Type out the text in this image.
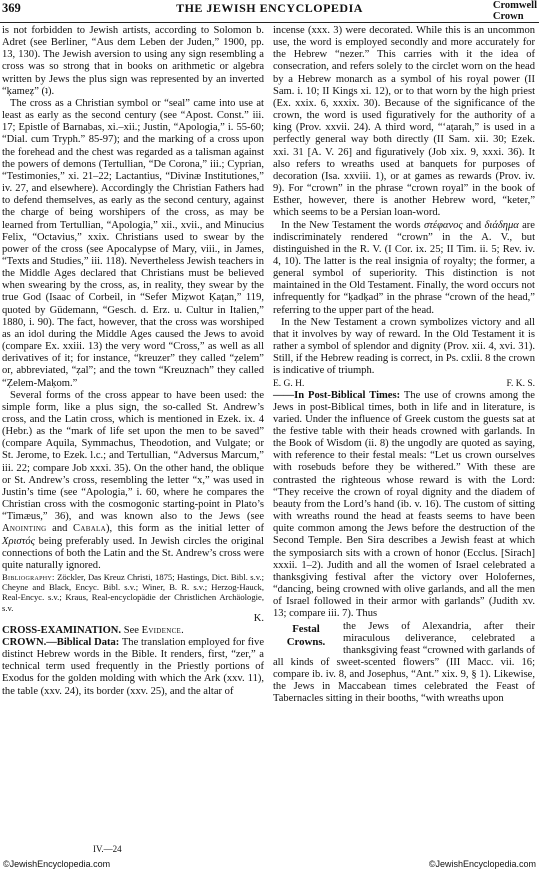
369	THE JEWISH ENCYCLOPEDIA	Cromwell
Crown

is not forbidden to Jewish artists, according to Solomon b. Adret (see Berliner, “Aus dem Leben der Juden,” 1900, pp. 13, 130). The Jewish aversion to using any sign resembling a cross was so strong that in books on arithmetic or algebra written by Jews the plus sign was represented by an inverted “ḳameẓ” (ʇ).

The cross as a Christian symbol or “seal” came into use at least as early as the second century (see “Apost. Const.” iii. 17; Epistle of Barnabas, xi.–xii.; Justin, “Apologia,” i. 55-60; “Dial. cum Tryph.” 85-97); and the marking of a cross upon the forehead and the chest was regarded as a talisman against the powers of demons (Tertullian, “De Corona,” iii.; Cyprian, “Testimonies,” xi. 21–22; Lactantius, “Divinæ Institutiones,” iv. 27, and elsewhere). Accordingly the Christian Fathers had to defend themselves, as early as the second century, against the charge of being worshipers of the cross, as may be learned from Tertullian, “Apologia,” xii., xvii., and Minucius Felix, “Octavius,” xxix. Christians used to swear by the power of the cross (see Apocalypse of Mary, viii., in James, “Texts and Studies,” iii. 118). Nevertheless Jewish teachers in the Middle Ages declared that Christians must be believed when swearing by the cross, as, in reality, they swear by the true God (Isaac of Corbeil, in “Sefer Miẓwot Ḳaṭan,” 119, quoted by Güdemann, “Gesch. d. Erz. u. Cultur in Italien,” 1880, i. 90). The fact, however, that the cross was worshiped as an idol during the Middle Ages caused the Jews to avoid (compare Ex. xxiii. 13) the very word “Cross,” as well as all derivatives of it; for instance, “kreuzer” they called “ẓelem” or, abbreviated, “ẓal”; and the town “Kreuznach” they called “Ẓelem-Maḳom.”

Several forms of the cross appear to have been used: the simple form, like a plus sign, the so-called St. Andrew’s cross, and the Latin cross, which is mentioned in Ezek. ix. 4 (Hebr.) as the “mark of life set upon the men to be saved” (compare Aquila, Symmachus, Theodotion, and Vulgate; or St. Jerome, to Ezek. l.c.; and Tertullian, “Adversus Marcum,” iii. 22; compare Job xxxi. 35). On the other hand, the oblique or St. Andrew’s cross, resembling the letter “x,” was used in Justin’s time (see “Apologia,” i. 60, where he compares the Christian cross with the cosmogonic starting-point in Plato’s “Timæus,” 36), and was known also to the Jews (see Anointing and Cabala), this form as the initial letter of Χριστός being preferably used. In Jewish circles the original connections of both the Latin and the St. Andrew’s cross were quite naturally ignored.

Bibliography: Zöckler, Das Kreuz Christi, 1875; Hastings, Dict. Bibl. s.v.; Cheyne and Black, Encyc. Bibl. s.v.; Winer, B. R. s.v.; Herzog-Hauck, Real-Encyc. s.v.; Kraus, Real-encyclopädie der Christlichen Archäologie, s.v.

K.

CROSS-EXAMINATION. See Evidence.

CROWN.—Biblical Data: The translation employed for five distinct Hebrew words in the Bible. It renders, first, “zer,” a technical term used frequently in the Priestly portions of Exodus for the golden molding with which the Ark (xxv. 11), the table (xxv. 24), its border (xxv. 25), and the altar of

IV.—24

incense (xxx. 3) were decorated. While this is an uncommon use, the word is employed secondly and more accurately for the Hebrew “nezer.” This carries with it the idea of consecration, and refers solely to the circlet worn on the head by a Hebrew monarch as a symbol of his royal power (II Sam. i. 10; II Kings xi. 12), or to that worn by the high priest (Ex. xxix. 6, xxxix. 30). Because of the significance of the crown, the word is used figuratively for the authority of a king (Prov. xxvii. 24). A third word, “‘aṭarah,” is used in a perfectly general way both directly (II Sam. xii. 30; Ezek. xxi. 31 [A. V. 26] and figuratively (Job xix. 9, xxxi. 36). It also refers to wreaths used at banquets for purposes of decoration (Isa. xxviii. 1), or at games as rewards (Prov. iv. 9). For “crown” in the phrase “crown royal” in the book of Esther, however, there is another Hebrew word, “keter,” which seems to be a Persian loan-word.

In the New Testament the words στέφανος and διάδημα are indiscriminately rendered “crown” in the A. V., but distinguished in the R. V. (I Cor. ix. 25; II Tim. ii. 5; Rev. iv. 4, 10). The latter is the real insignia of royalty; the former, a general symbol of superiority. This distinction is not maintained in the Old Testament. Finally, the word occurs not infrequently for “ḳadḳad” in the phrase “crown of the head,” referring to the upper part of the head.

In the New Testament a crown symbolizes victory and all that it involves by way of reward. In the Old Testament it is rather a symbol of splendor and dignity (Prov. xii. 4, xvi. 31). Still, if the Hebrew reading is correct, in Ps. cxlii. 8 the crown is indicative of triumph.

E. G. H.	F. K. S.

——In Post-Biblical Times: The use of crowns among the Jews in post-Biblical times, both in life and in literature, is varied. Under the influence of Greek custom the guests sat at the festive table with their heads crowned with garlands. In the Book of Wisdom (ii. 8) the ungodly are quoted as saying, with reference to their festal meals: “Let us crown ourselves with rosebuds before they be withered.” With these are contrasted the righteous whose reward is with the Lord: “They receive the crown of royal dignity and the diadem of beauty from the Lord’s hand (ib. v. 16). The custom of sitting with wreaths round the head at feasts seems to have been quite common among the Jews before the destruction of the Second Temple. Ben Sira describes a Jewish feast at which the symposiarch sits with a crown of honor (Ecclus. [Sirach] xxxii. 1–2). Judith and all the women of Israel celebrated a thanksgiving festival after the victory over Holofernes, “dancing, being crowned with olive garlands, and all the men of Israel followed in their armor with garlands” (Judith xv. 13; compare iii. 7). Thus

Festal
Crowns.
the Jews of Alexandria, after their miraculous deliverance, celebrated a thanksgiving feast “crowned with garlands of all kinds of sweet-scented flowers” (III Macc. vii. 16; compare ib. iv. 8, and Josephus, “Ant.” xix. 9, § 1). Likewise, the Jews in Maccabean times celebrated the Feast of Tabernacles sitting in their booths, “with wreaths upon

©JewishEncyclopedia.com	©JewishEncyclopedia.com
